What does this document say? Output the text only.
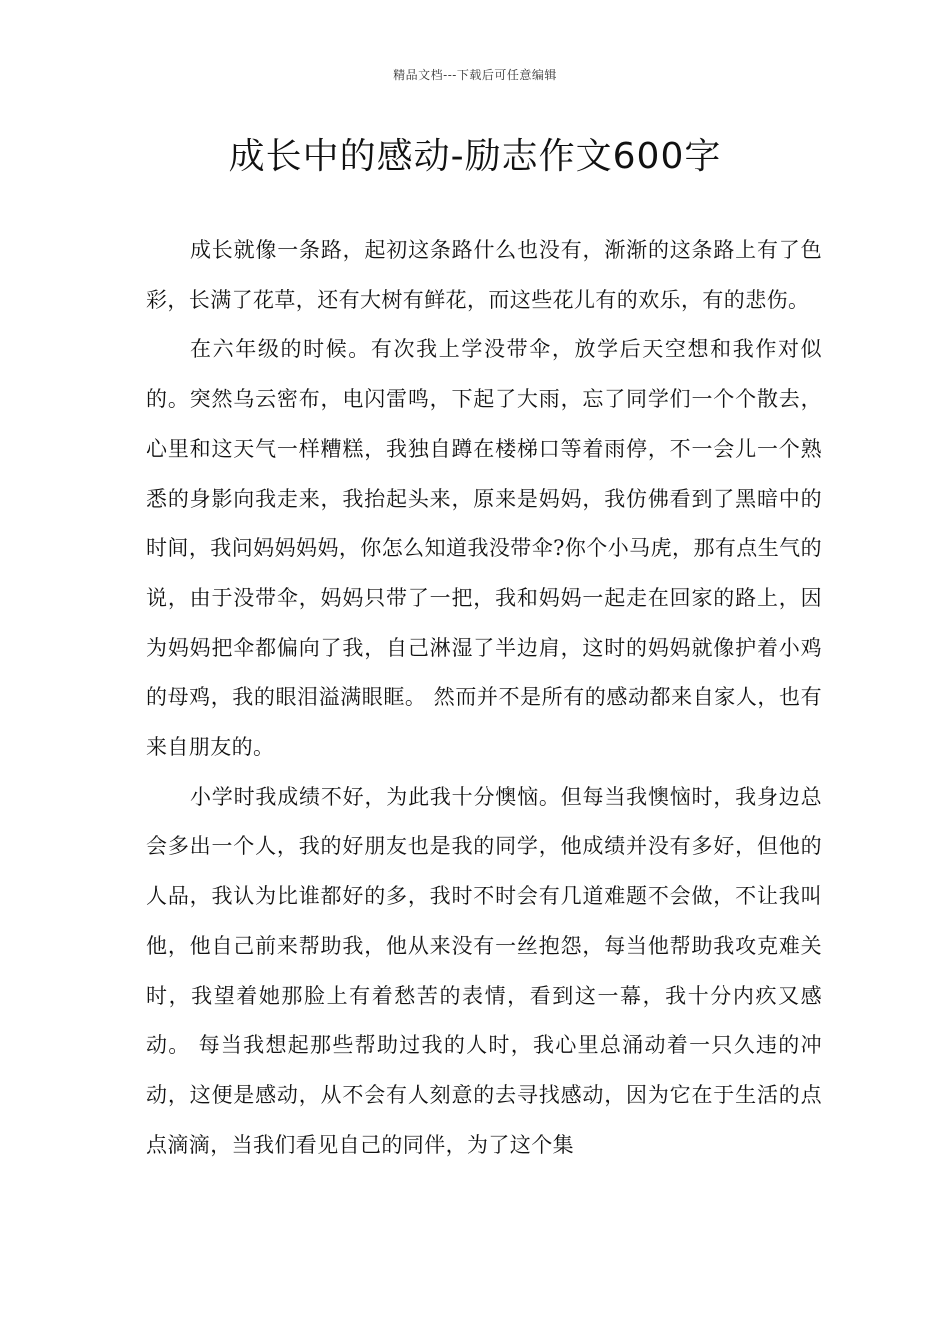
精品文档---下载后可任意编辑
成长中的感动-励志作文600字

成长就像一条路，起初这条路什么也没有，渐渐的这条路上有了色彩，长满了花草，还有大树有鲜花，而这些花儿有的欢乐，有的悲伤。

在六年级的时候。有次我上学没带伞，放学后天空想和我作对似的。突然乌云密布，电闪雷鸣，下起了大雨，忘了同学们一个个散去，心里和这天气一样糟糕，我独自蹲在楼梯口等着雨停，不一会儿一个熟悉的身影向我走来，我抬起头来，原来是妈妈，我仿佛看到了黑暗中的时间，我问妈妈妈妈，你怎么知道我没带伞?你个小马虎，那有点生气的说，由于没带伞，妈妈只带了一把，我和妈妈一起走在回家的路上，因为妈妈把伞都偏向了我，自己淋湿了半边肩，这时的妈妈就像护着小鸡的母鸡，我的眼泪溢满眼眶。 然而并不是所有的感动都来自家人，也有来自朋友的。

小学时我成绩不好，为此我十分懊恼。但每当我懊恼时，我身边总会多出一个人，我的好朋友也是我的同学，他成绩并没有多好，但他的人品，我认为比谁都好的多，我时不时会有几道难题不会做，不让我叫他，他自己前来帮助我，他从来没有一丝抱怨，每当他帮助我攻克难关时，我望着她那脸上有着愁苦的表情，看到这一幕，我十分内疚又感动。 每当我想起那些帮助过我的人时，我心里总涌动着一只久违的冲动，这便是感动，从不会有人刻意的去寻找感动，因为它在于生活的点点滴滴，当我们看见自己的同伴，为了这个集
